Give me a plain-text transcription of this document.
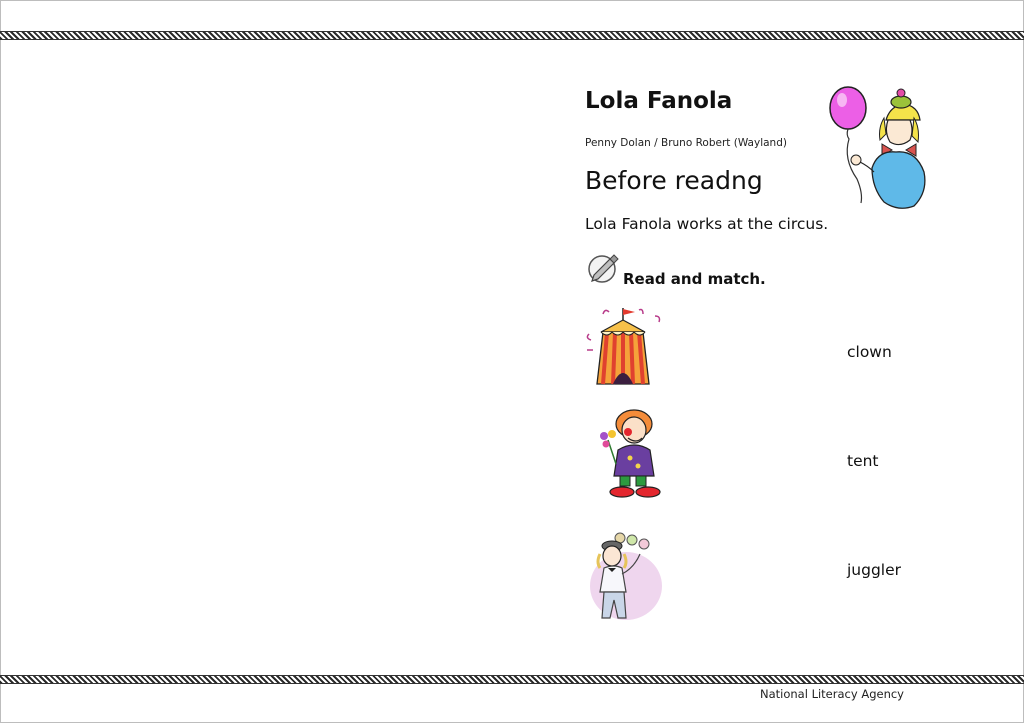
Lola Fanola
Penny Dolan / Bruno Robert (Wayland)
Before readng
Lola Fanola works at the circus.
Read and match.
clown
tent
juggler
National Literacy Agency
